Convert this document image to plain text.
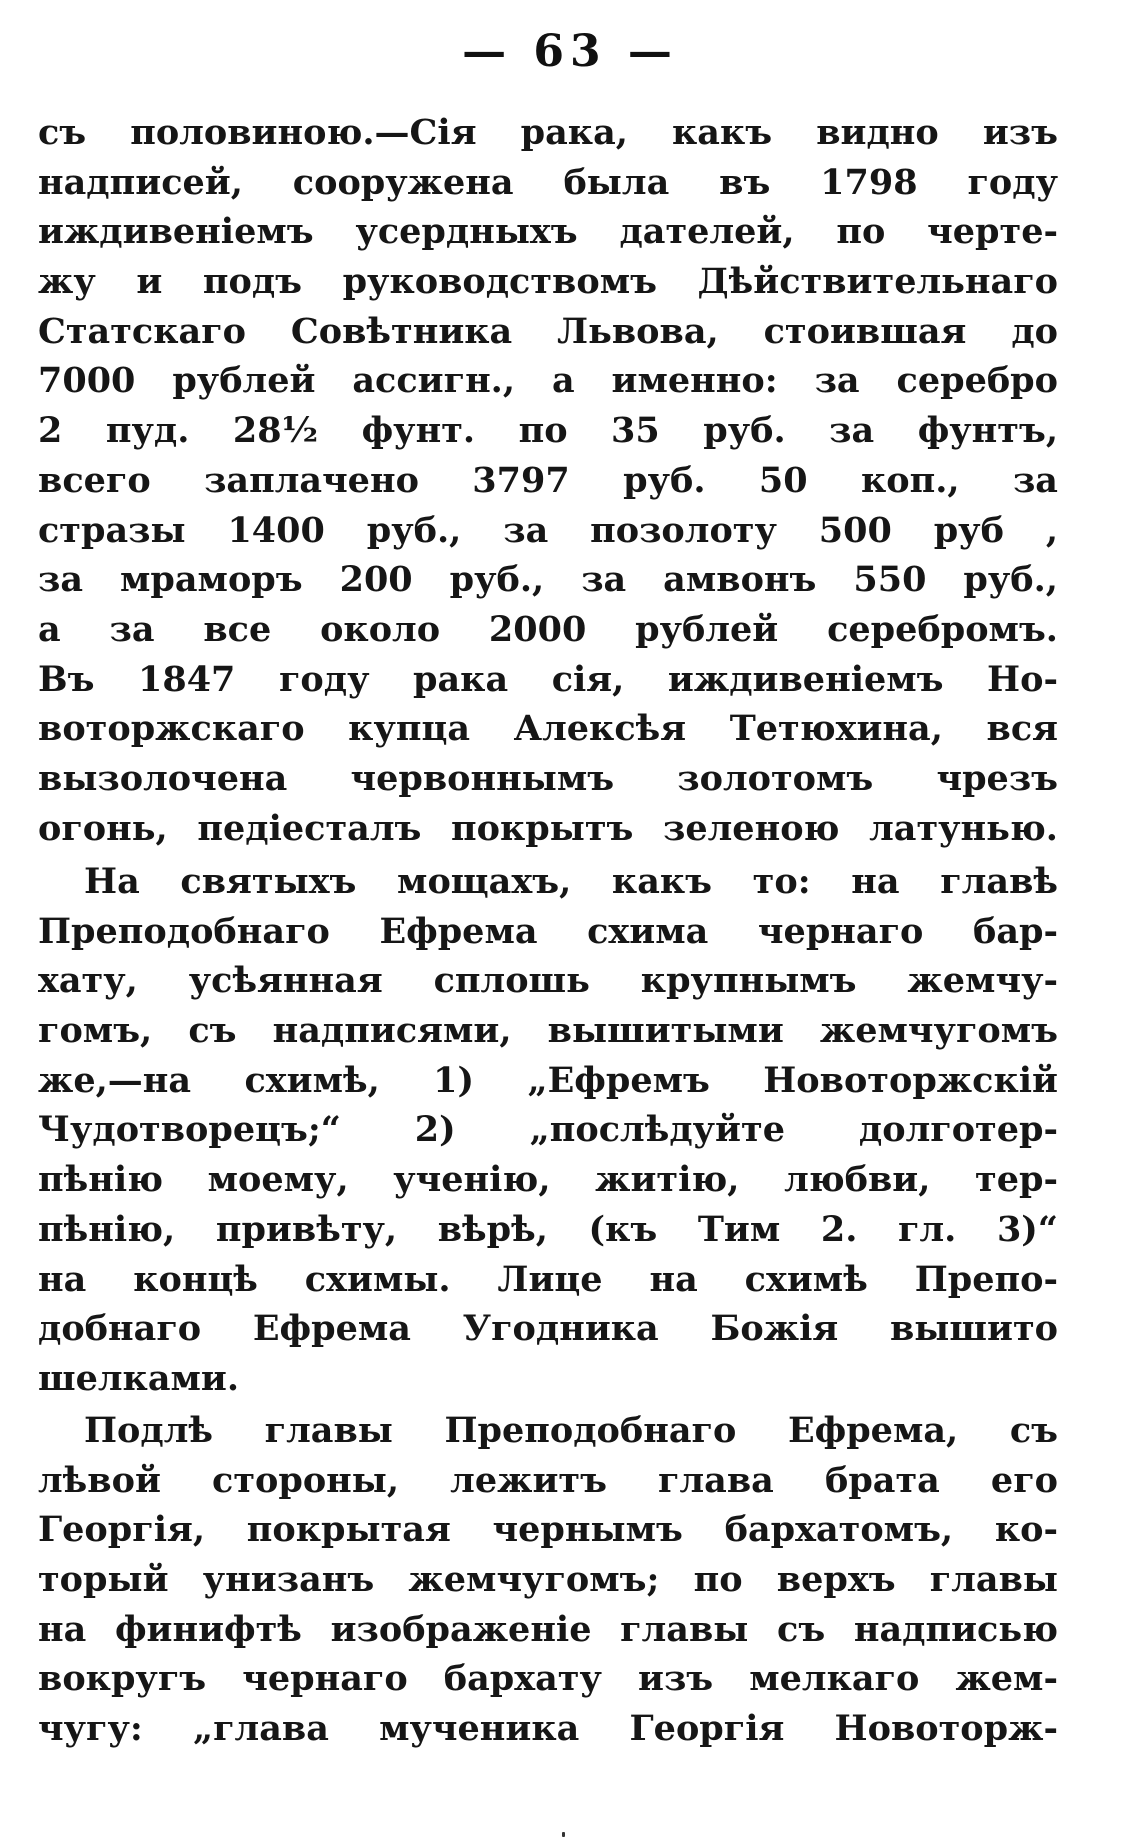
— 63 —
съ половиною.—Сія рака, какъ видно изъ
надписей, сооружена была въ 1798 году
иждивеніемъ усердныхъ дателей, по черте-
жу и подъ руководствомъ Дѣйствительнаго
Статскаго Совѣтника Львова, стоившая до
7000 рублей ассигн., а именно: за серебро
2 пуд. 28½ фунт. по 35 руб. за фунтъ,
всего заплачено 3797 руб. 50 коп., за
стразы 1400 руб., за позолоту 500 руб ,
за мраморъ 200 руб., за амвонъ 550 руб.,
а за все около 2000 рублей серебромъ.
Въ 1847 году рака сія, иждивеніемъ Но-
воторжскаго купца Алексѣя Тетюхина, вся
вызолочена червоннымъ золотомъ чрезъ
огонь, педіесталъ покрытъ зеленою латунью.
На святыхъ мощахъ, какъ то: на главѣ
Преподобнаго Ефрема схима чернаго бар-
хату, усѣянная сплошь крупнымъ жемчу-
гомъ, съ надписями, вышитыми жемчугомъ
же,—на схимѣ, 1) „Ефремъ Новоторжскій
Чудотворецъ;“ 2) „послѣдуйте долготер-
пѣнію моему, ученію, житію, любви, тер-
пѣнію, привѣту, вѣрѣ, (къ Тим 2. гл. 3)“
на концѣ схимы. Лице на схимѣ Препо-
добнаго Ефрема Угодника Божія вышито
шелками.
Подлѣ главы Преподобнаго Ефрема, съ
лѣвой стороны, лежитъ глава брата его
Георгія, покрытая чернымъ бархатомъ, ко-
торый унизанъ жемчугомъ; по верхъ главы
на финифтѣ изображеніе главы съ надписью
вокругъ чернаго бархату изъ мелкаго жем-
чугу: „глава мученика Георгія Новоторж-
